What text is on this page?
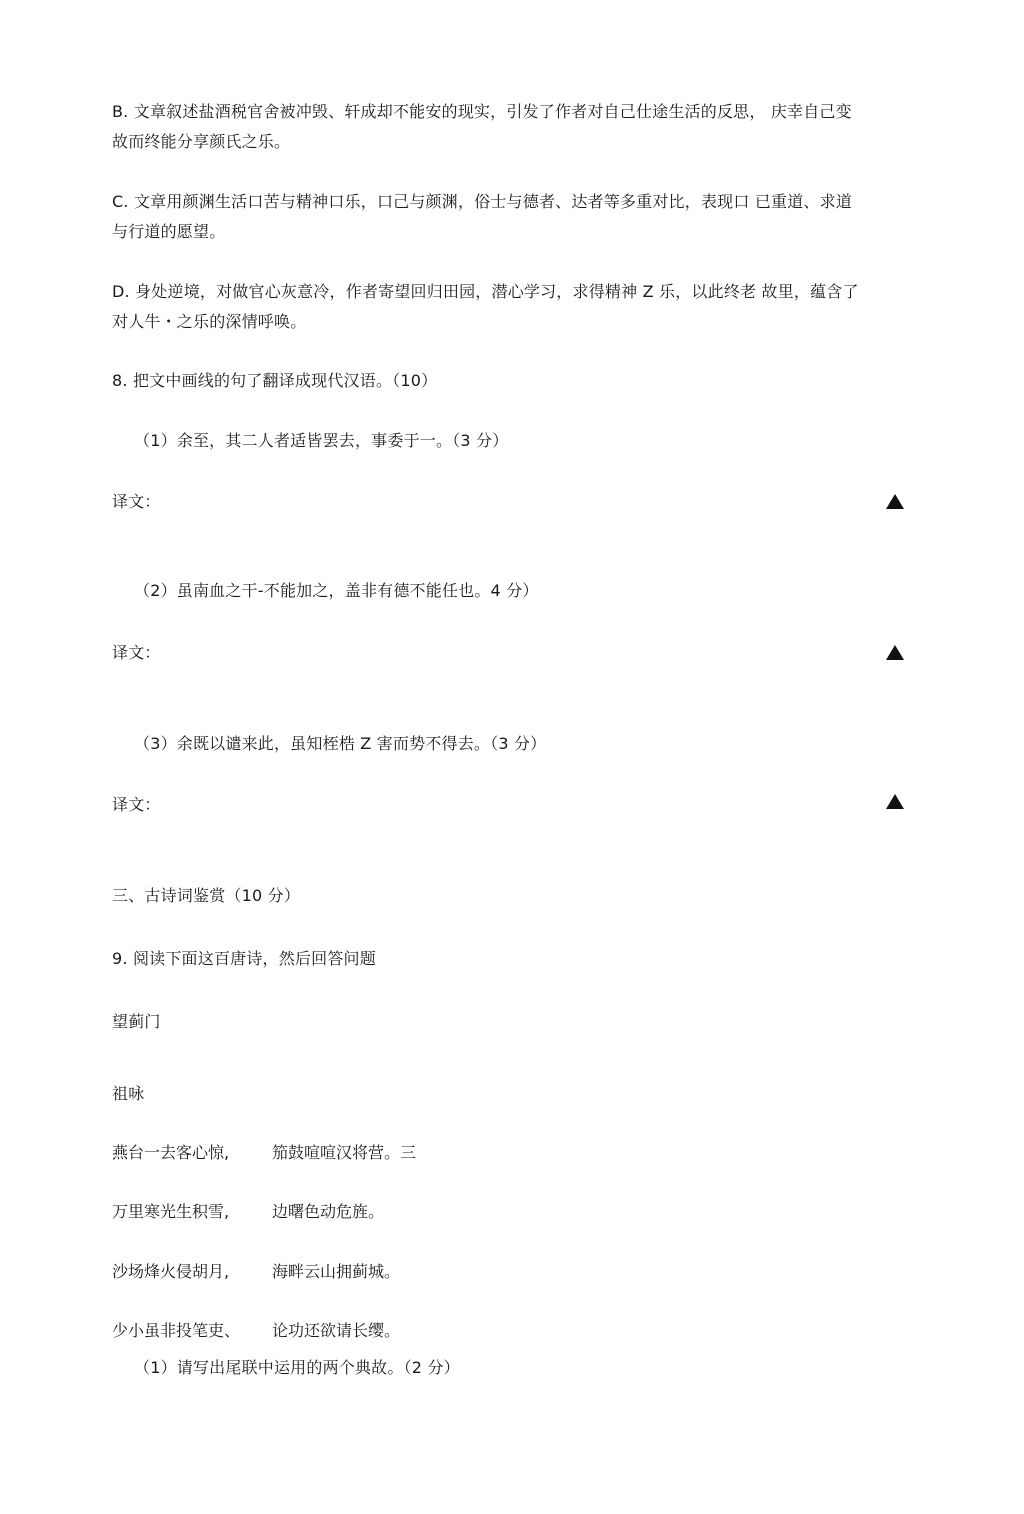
B. 文章叙述盐酒税官舍被冲毁、轩成却不能安的现实，引发了作者对自己仕途生活的反思， 庆幸自己变
故而终能分享颜氏之乐。
C. 文章用颜渊生活口苦与精神口乐，口己与颜渊，俗士与德者、达者等多重对比，表现口 已重道、求道
与行道的愿望。
D. 身处逆境，对做官心灰意冷，作者寄望回归田园，潜心学习，求得精神 Z 乐，以此终老 故里，蕴含了
对人牛・之乐的深情呼唤。
8. 把文中画线的句了翻译成现代汉语。（10）
（1）余至，其二人者适皆罢去，事委于一。（3 分）
译文：
（2）虽南血之干-不能加之，盖非有德不能任也。4 分）
译文：
（3）余既以谴来此，虽知桎梏 Z 害而势不得去。（3 分）
译文：
三、古诗词鉴赏（10 分）
9. 阅读下面这百唐诗，然后回答问题
望蓟门
祖咏
燕台一去客心惊,	笳鼓喧喧汉将营。三
万里寒光生积雪,	边曙色动危旌。
沙场烽火侵胡月,	海畔云山拥蓟城。
少小虽非投笔吏、 论功还欲请长缨。
（1）请写出尾联中运用的两个典故。（2 分）
